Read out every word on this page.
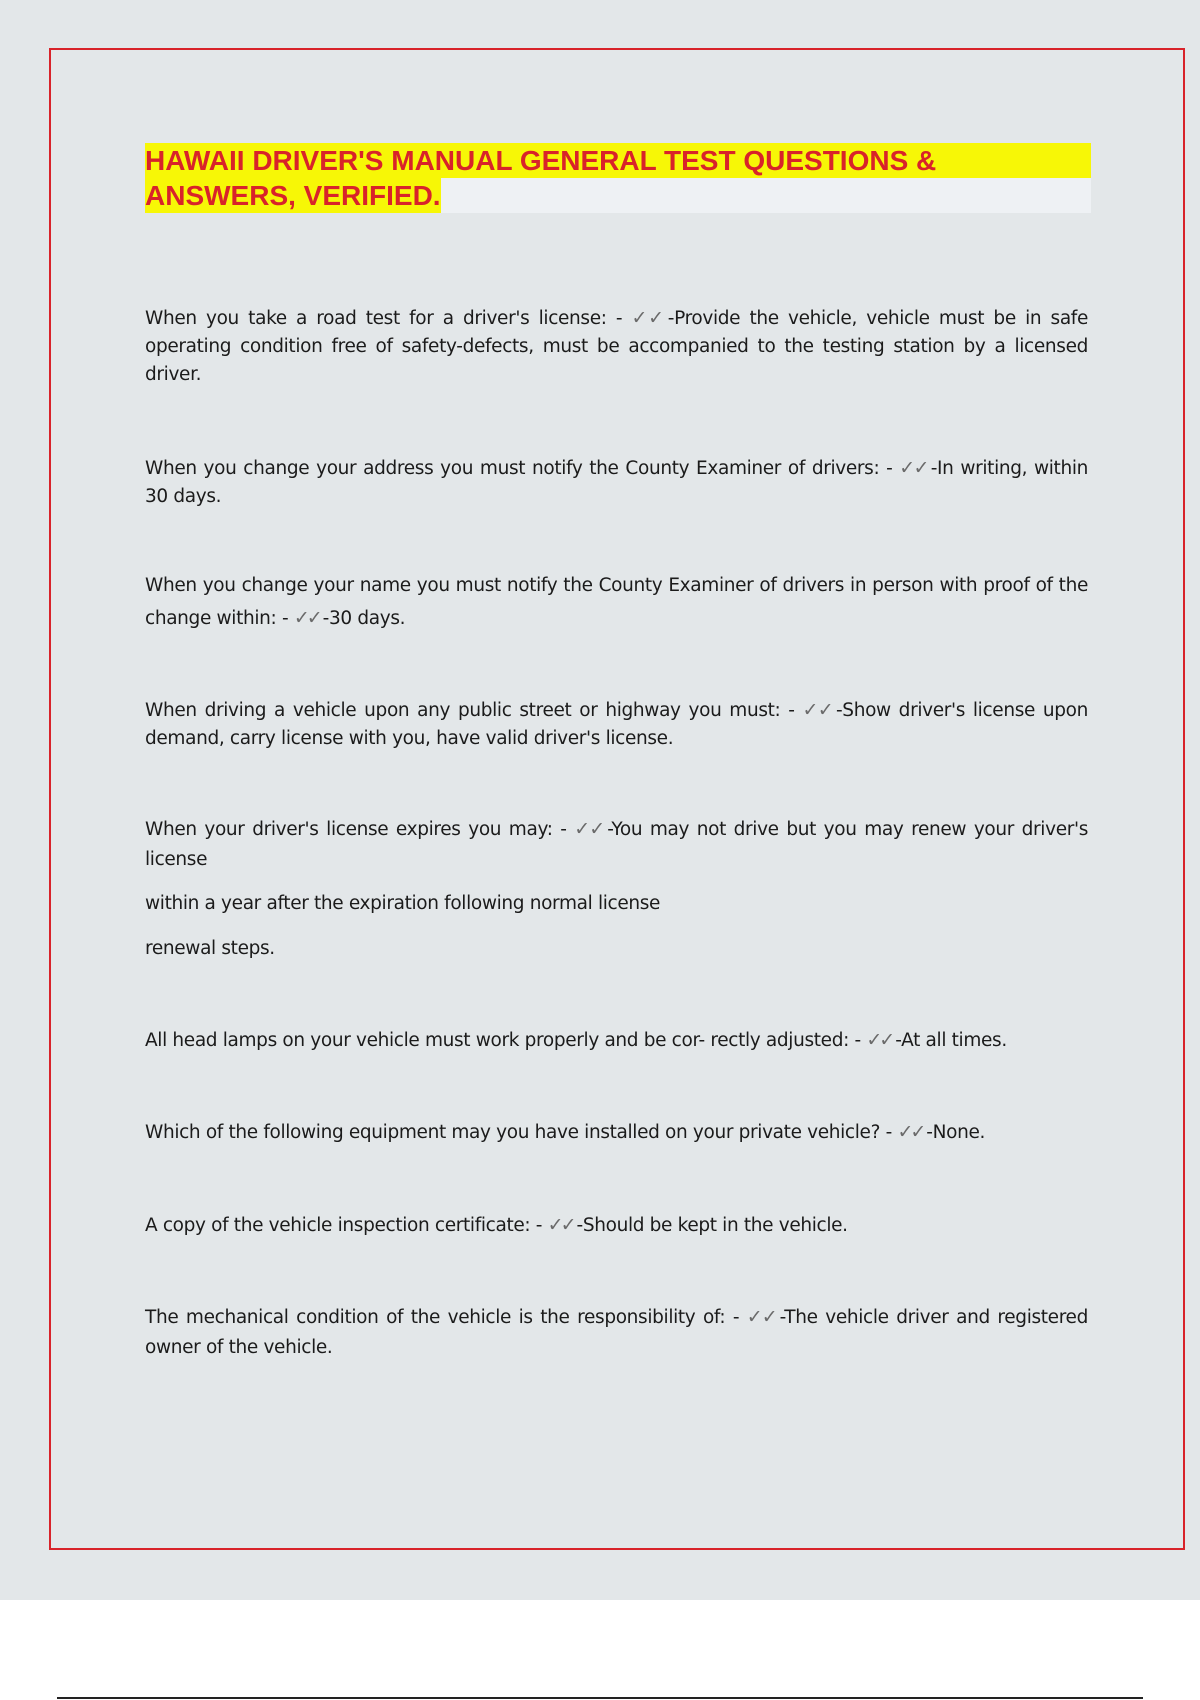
HAWAII DRIVER'S MANUAL GENERAL TEST QUESTIONS &
ANSWERS, VERIFIED.

When you take a road test for a driver's license: - ✓✓ -Provide the vehicle, vehicle must be in safe operating condition free of safety-defects, must be accompanied to the testing station by a licensed driver.

When you change your address you must notify the County Examiner of drivers: - ✓✓ -In writing, within 30 days.

When you change your name you must notify the County Examiner of drivers in person with proof of the change within: - ✓✓ -30 days.

When driving a vehicle upon any public street or highway you must: - ✓✓ -Show driver's license upon demand, carry license with you, have valid driver's license.

When your driver's license expires you may: - ✓✓ -You may not drive but you may renew your driver's license

within a year after the expiration following normal license

renewal steps.

All head lamps on your vehicle must work properly and be cor- rectly adjusted: - ✓✓ -At all times.

Which of the following equipment may you have installed on your private vehicle? - ✓✓ -None.

A copy of the vehicle inspection certificate: - ✓✓ -Should be kept in the vehicle.

The mechanical condition of the vehicle is the responsibility of: - ✓✓ -The vehicle driver and registered owner of the vehicle.
